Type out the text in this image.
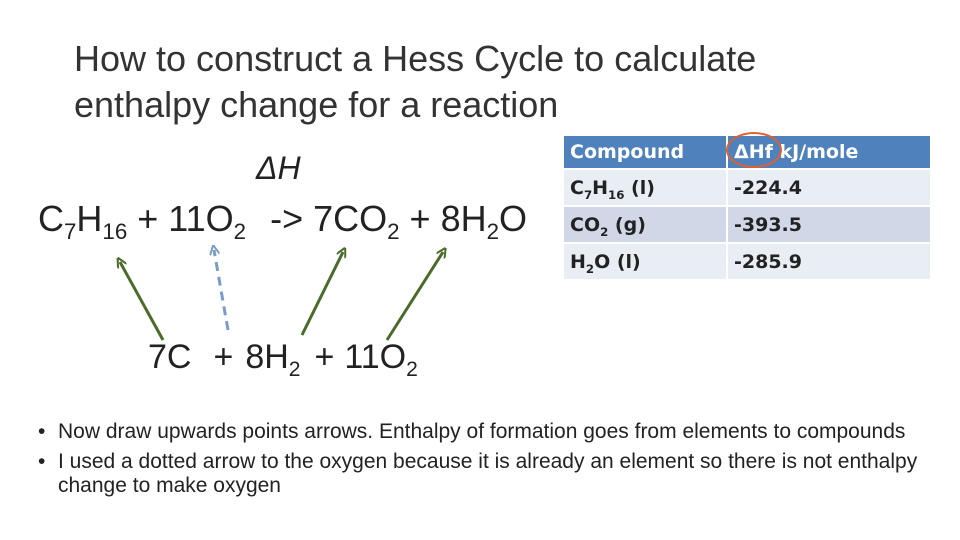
How to construct a Hess Cycle to calculate enthalpy change for a reaction
ΔH
$C_7H_{16} + 11O_2 -> 7CO_2 + 8H_2O$
$7C + 8H_2 + 11O_2$
Compound	ΔHf kJ/mole
$C_7H_{16}$ (l)	-224.4
$CO_2$ (g)	-393.5
$H_2O$ (l)	-285.9
• Now draw upwards points arrows. Enthalpy of formation goes from elements to compounds
• I used a dotted arrow to the oxygen because it is already an element so there is not enthalpy change to make oxygen
